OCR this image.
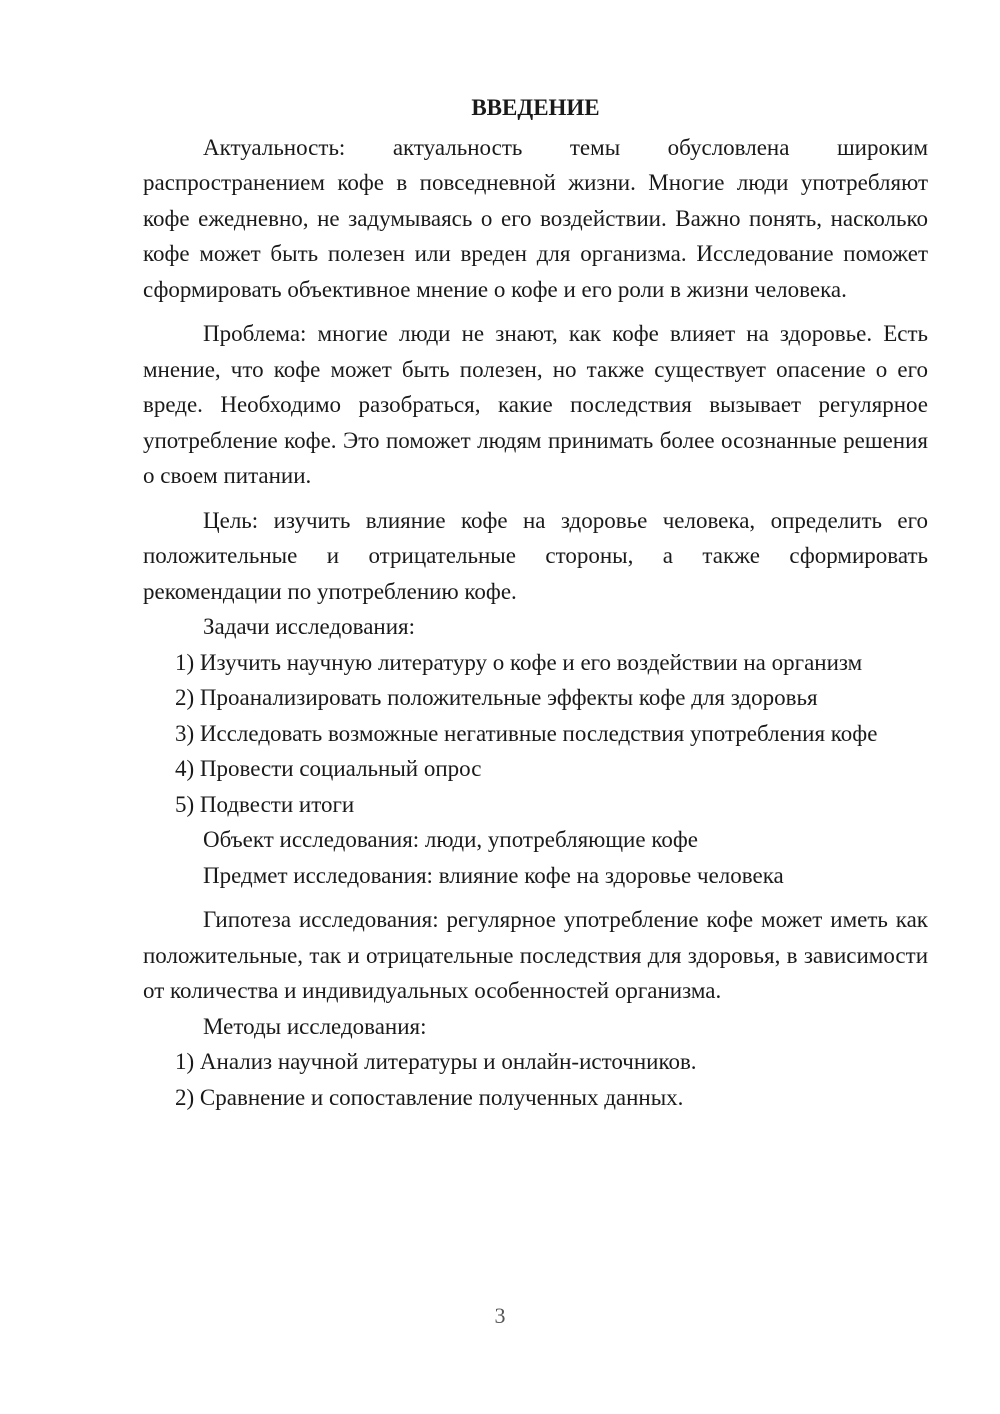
ВВЕДЕНИЕ

Актуальность: актуальность темы обусловлена широким распространением кофе в повседневной жизни. Многие люди употребляют кофе ежедневно, не задумываясь о его воздействии. Важно понять, насколько кофе может быть полезен или вреден для организма. Исследование поможет сформировать объективное мнение о кофе и его роли в жизни человека.

Проблема: многие люди не знают, как кофе влияет на здоровье. Есть мнение, что кофе может быть полезен, но также существует опасение о его вреде. Необходимо разобраться, какие последствия вызывает регулярное употребление кофе. Это поможет людям принимать более осознанные решения о своем питании.

Цель: изучить влияние кофе на здоровье человека, определить его положительные и отрицательные стороны, а также сформировать рекомендации по употреблению кофе.

Задачи исследования:

1) Изучить научную литературу о кофе и его воздействии на организм

2) Проанализировать положительные эффекты кофе для здоровья

3) Исследовать возможные негативные последствия употребления кофе

4) Провести социальный опрос

5) Подвести итоги

Объект исследования: люди, употребляющие кофе

Предмет исследования: влияние кофе на здоровье человека

Гипотеза исследования: регулярное употребление кофе может иметь как положительные, так и отрицательные последствия для здоровья, в зависимости от количества и индивидуальных особенностей организма.

Методы исследования:

1) Анализ научной литературы и онлайн-источников.

2) Сравнение и сопоставление полученных данных.

3
